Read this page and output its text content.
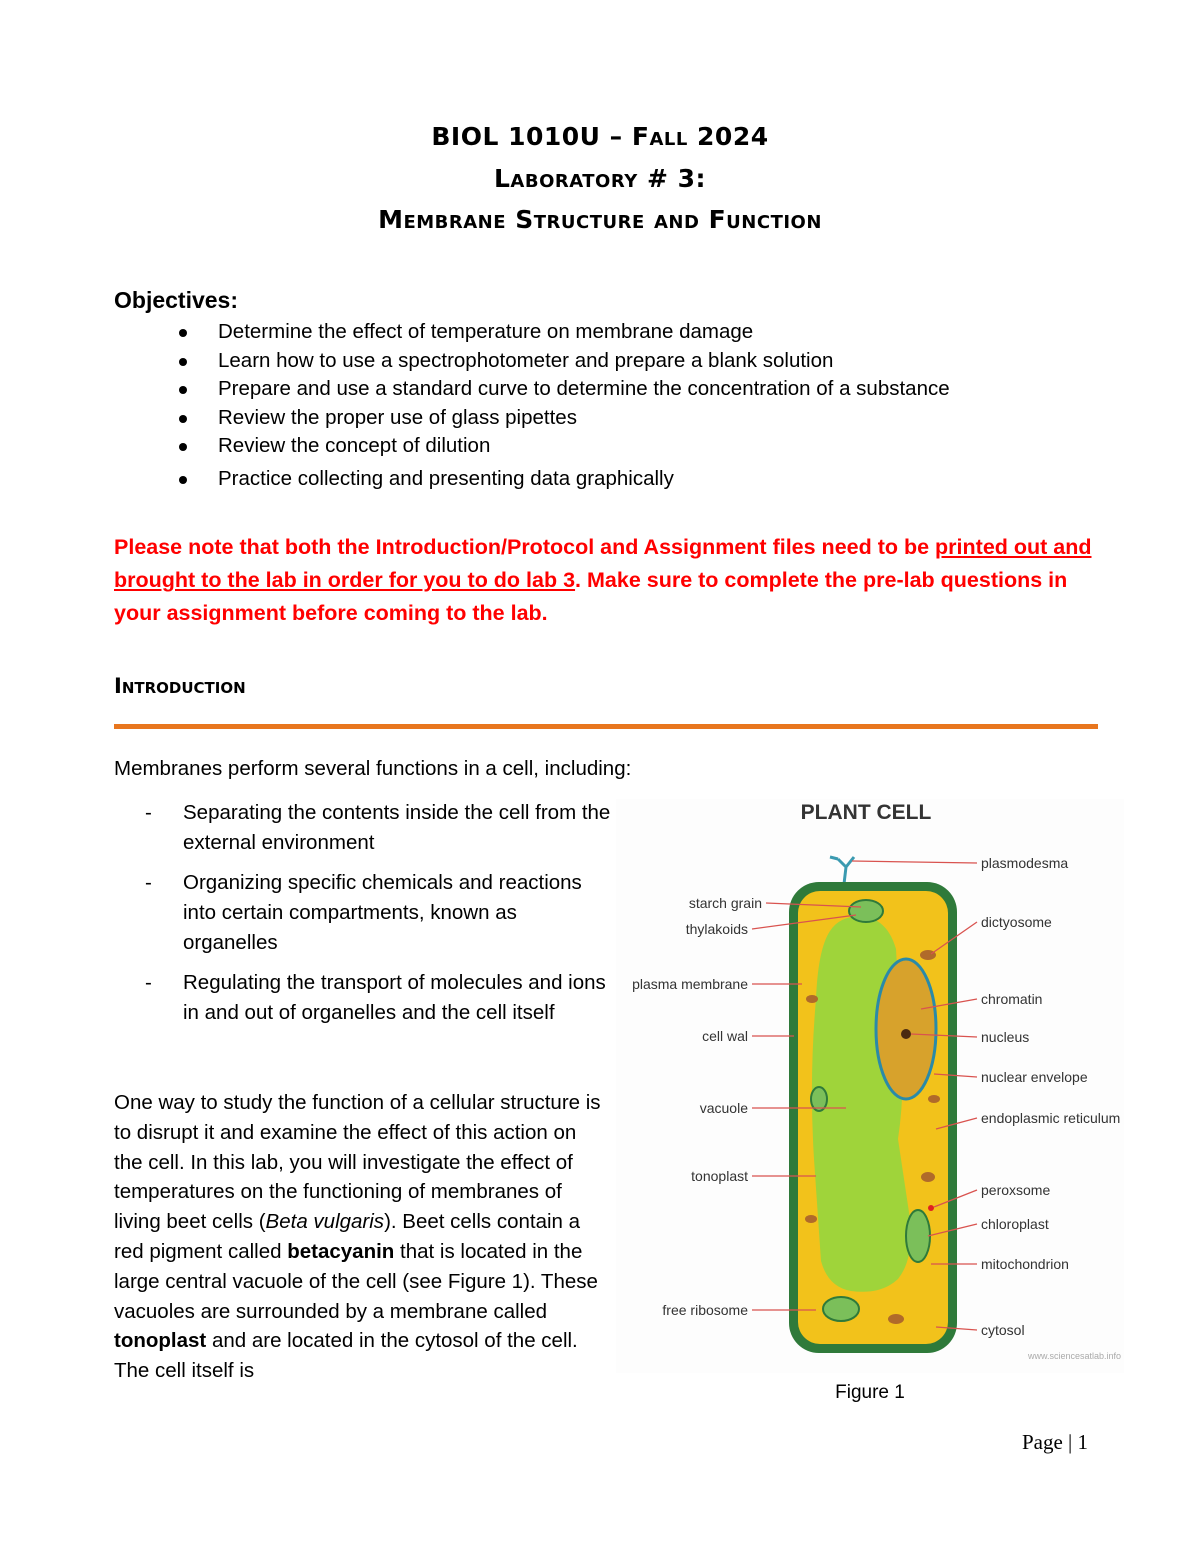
BIOL 1010U – Fall 2024
Laboratory # 3:
Membrane Structure and Function
Objectives:
Determine the effect of temperature on membrane damage
Learn how to use a spectrophotometer and prepare a blank solution
Prepare and use a standard curve to determine the concentration of a substance
Review the proper use of glass pipettes
Review the concept of dilution
Practice collecting and presenting data graphically

Please note that both the Introduction/Protocol and Assignment files need to be printed out and brought to the lab in order for you to do lab 3. Make sure to complete the pre-lab questions in your assignment before coming to the lab.

Introduction

Membranes perform several functions in a cell, including:

- Separating the contents inside the cell from the external environment
- Organizing specific chemicals and reactions into certain compartments, known as organelles
- Regulating the transport of molecules and ions in and out of organelles and the cell itself

One way to study the function of a cellular structure is to disrupt it and examine the effect of this action on the cell. In this lab, you will investigate the effect of temperatures on the functioning of membranes of living beet cells (Beta vulgaris). Beet cells contain a red pigment called betacyanin that is located in the large central vacuole of the cell (see Figure 1). These vacuoles are surrounded by a membrane called tonoplast and are located in the cytosol of the cell. The cell itself is

PLANT CELL
starch grain
thylakoids
plasma membrane
cell wal
vacuole
tonoplast
free ribosome
plasmodesma
dictyosome
chromatin
nucleus
nuclear envelope
endoplasmic reticulum
peroxsome
chloroplast
mitochondrion
cytosol
www.sciencesatlab.info
Figure 1
Page | 1
